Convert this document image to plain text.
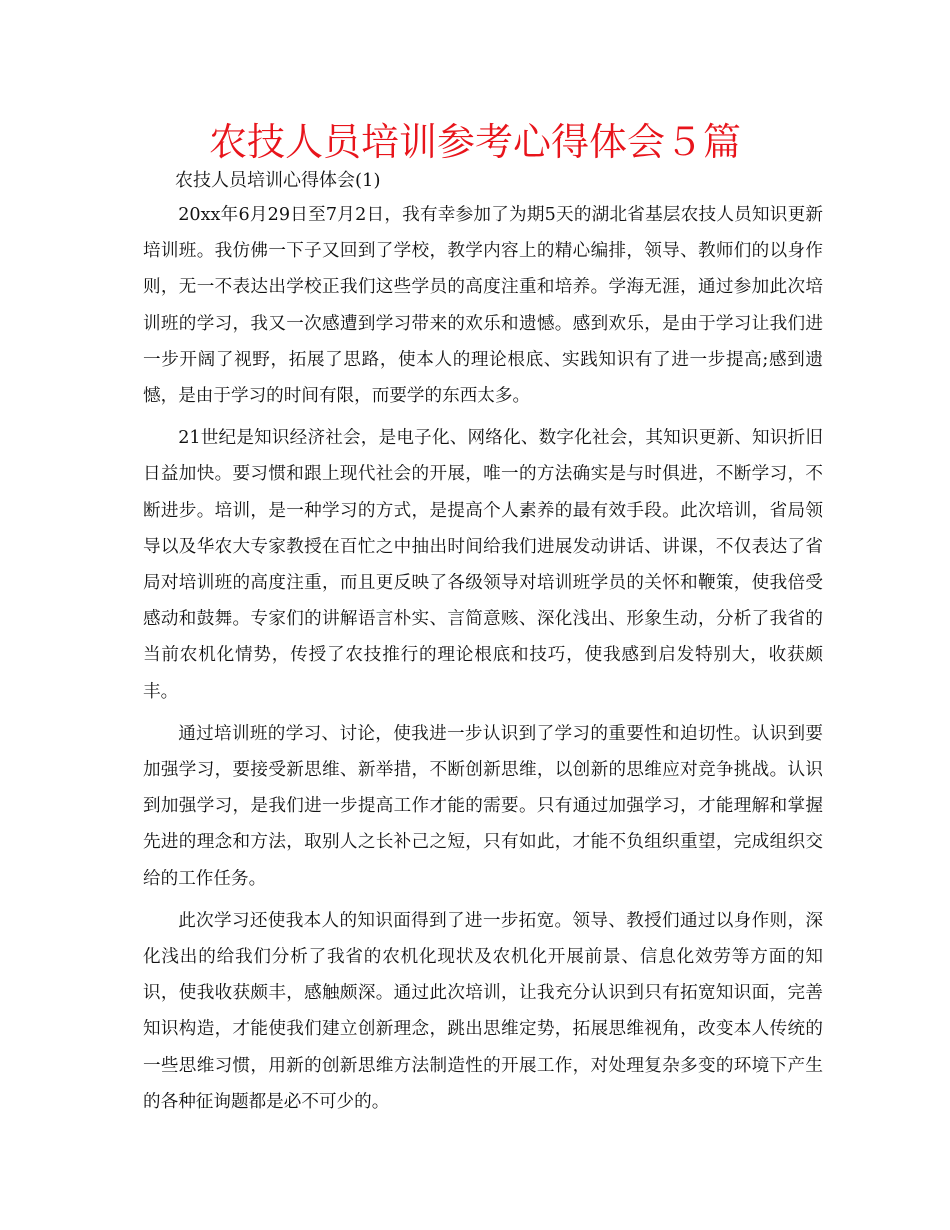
农技人员培训参考心得体会５篇

农技人员培训心得体会(1)

20xx年6月29日至7月2日，我有幸参加了为期5天的湖北省基层农技人员知识更新培训班。我仿佛一下子又回到了学校，教学内容上的精心编排，领导、教师们的以身作则，无一不表达出学校正我们这些学员的高度注重和培养。学海无涯，通过参加此次培训班的学习，我又一次感遭到学习带来的欢乐和遗憾。感到欢乐，是由于学习让我们进一步开阔了视野，拓展了思路，使本人的理论根底、实践知识有了进一步提高;感到遗憾，是由于学习的时间有限，而要学的东西太多。

21世纪是知识经济社会，是电子化、网络化、数字化社会，其知识更新、知识折旧日益加快。要习惯和跟上现代社会的开展，唯一的方法确实是与时俱进，不断学习，不断进步。培训，是一种学习的方式，是提高个人素养的最有效手段。此次培训，省局领导以及华农大专家教授在百忙之中抽出时间给我们进展发动讲话、讲课，不仅表达了省局对培训班的高度注重，而且更反映了各级领导对培训班学员的关怀和鞭策，使我倍受感动和鼓舞。专家们的讲解语言朴实、言简意赅、深化浅出、形象生动，分析了我省的当前农机化情势，传授了农技推行的理论根底和技巧，使我感到启发特别大，收获颇丰。

通过培训班的学习、讨论，使我进一步认识到了学习的重要性和迫切性。认识到要加强学习，要接受新思维、新举措，不断创新思维，以创新的思维应对竞争挑战。认识到加强学习，是我们进一步提高工作才能的需要。只有通过加强学习，才能理解和掌握先进的理念和方法，取别人之长补己之短，只有如此，才能不负组织重望，完成组织交给的工作任务。

此次学习还使我本人的知识面得到了进一步拓宽。领导、教授们通过以身作则，深化浅出的给我们分析了我省的农机化现状及农机化开展前景、信息化效劳等方面的知识，使我收获颇丰，感触颇深。通过此次培训，让我充分认识到只有拓宽知识面，完善知识构造，才能使我们建立创新理念，跳出思维定势，拓展思维视角，改变本人传统的一些思维习惯，用新的创新思维方法制造性的开展工作，对处理复杂多变的环境下产生的各种征询题都是必不可少的。
